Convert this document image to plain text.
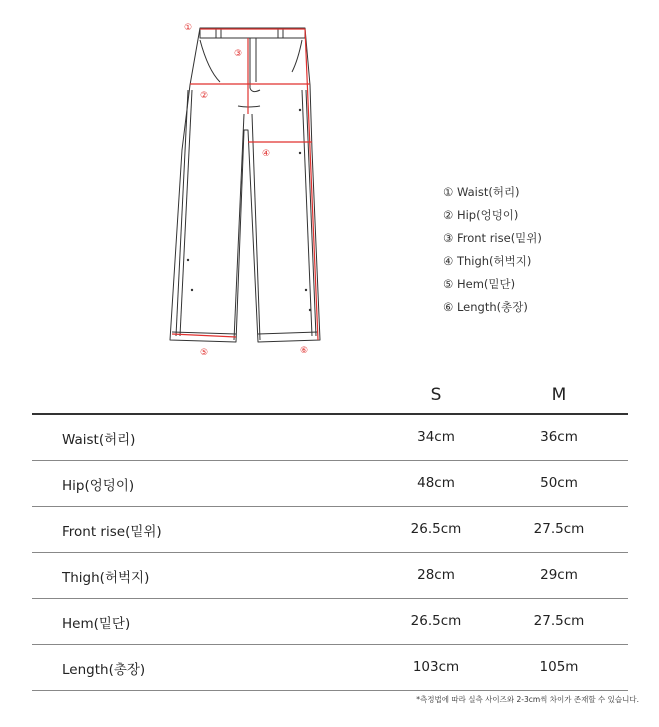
①
②
③
④
⑤	⑥
① Waist(허리)
② Hip(엉덩이)
③ Front rise(밑위)
④ Thigh(허벅지)
⑤ Hem(밑단)
⑥ Length(총장)
S	M
Waist(허리)	34cm	36cm
Hip(엉덩이)	48cm	50cm
Front rise(밑위)	26.5cm	27.5cm
Thigh(허벅지)	28cm	29cm
Hem(밑단)	26.5cm	27.5cm
Length(총장)	103cm	105m
*측정법에 따라 실측 사이즈와 2-3cm씩 차이가 존재할 수 있습니다.
